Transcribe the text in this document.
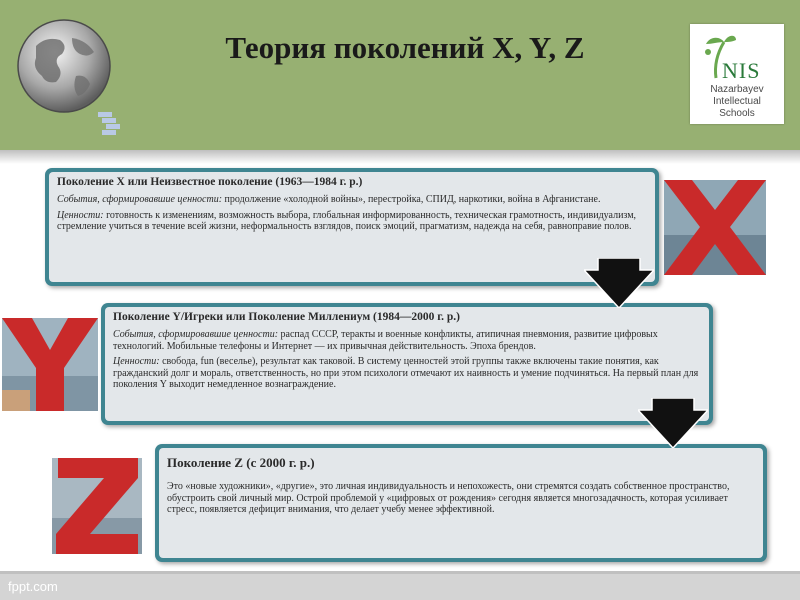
Теория поколений X, Y, Z
NIS
Nazarbayev
Intellectual
Schools
Поколение X или Неизвестное поколение (1963—1984 г. р.)

События, сформировавшие ценности: продолжение «холодной войны», перестройка, СПИД, наркотики, война в Афганистане.

Ценности: готовность к изменениям, возможность выбора, глобальная информированность, техническая грамотность, индивидуализм, стремление учиться в течение всей жизни, неформальность взглядов, поиск эмоций, прагматизм, надежда на себя, равноправие полов.

Поколение Y/Игреки или Поколение Миллениум (1984—2000 г. р.)

События, сформировавшие ценности: распад СССР, теракты и военные конфликты, атипичная пневмония, развитие цифровых технологий. Мобильные телефоны и Интернет — их привычная действительность. Эпоха брендов.

Ценности: свобода, fun (веселье), результат как таковой. В систему ценностей этой группы также включены такие понятия, как гражданский долг и мораль, ответственность, но при этом психологи отмечают их наивность и умение подчиняться. На первый план для поколения Y выходит немедленное вознаграждение.

Поколение Z (с 2000 г. р.)

Это «новые художники», «другие», это личная индивидуальность и непохожесть, они стремятся создать собственное пространство, обустроить свой личный мир. Острой проблемой у «цифровых от рождения» сегодня является многозадачность, которая усиливает стресс, появляется дефицит внимания, что делает учебу менее эффективной.

fppt.com
